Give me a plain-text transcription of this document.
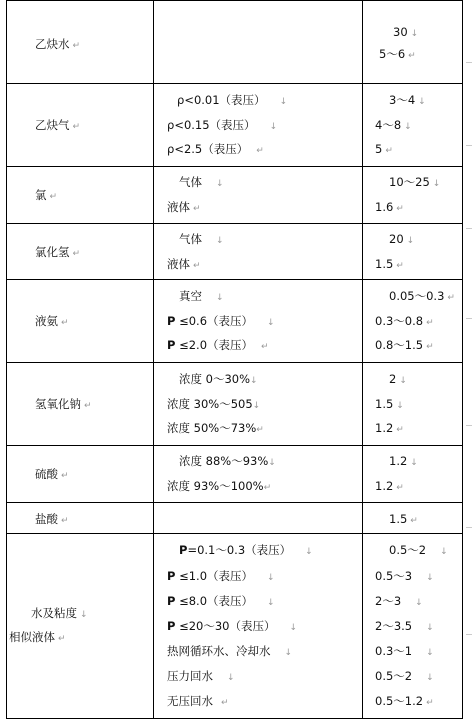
乙炔水 ↵
30 ↓
5～6 ↵
乙炔气 ↵
ρ<0.01（表压） ↓
ρ<0.15（表压） ↓
ρ<2.5（表压） ↵
3～4 ↓
4～8 ↓
5 ↵
氯 ↵
气体 ↓
液体 ↵
10～25 ↓
1.6 ↵
氯化氢 ↵
气体 ↓
液体 ↵
20 ↓
1.5 ↵
液氨 ↵
真空 ↓
P ≤0.6（表压） ↓
P ≤2.0（表压） ↵
0.05～0.3 ↵
0.3～0.8 ↵
0.8～1.5 ↵
氢氧化钠 ↵
浓度 0～30%↓
浓度 30%～505↓
浓度 50%～73%↵
2 ↓
1.5 ↓
1.2 ↵
硫酸 ↵
浓度 88%～93%↓
浓度 93%～100%↵
1.2 ↓
1.2 ↵
盐酸 ↵	1.5 ↵
水及粘度 ↓
相似液体 ↵
P=0.1～0.3（表压） ↓
P ≤1.0（表压） ↓
P ≤8.0（表压） ↓
P ≤20～30（表压） ↓
热网循环水、冷却水 ↓
压力回水 ↓
无压回水 ↵
0.5～2 ↓
0.5～3 ↓
2～3 ↓
2～3.5 ↓
0.3～1 ↓
0.5～2 ↓
0.5～1.2 ↵
